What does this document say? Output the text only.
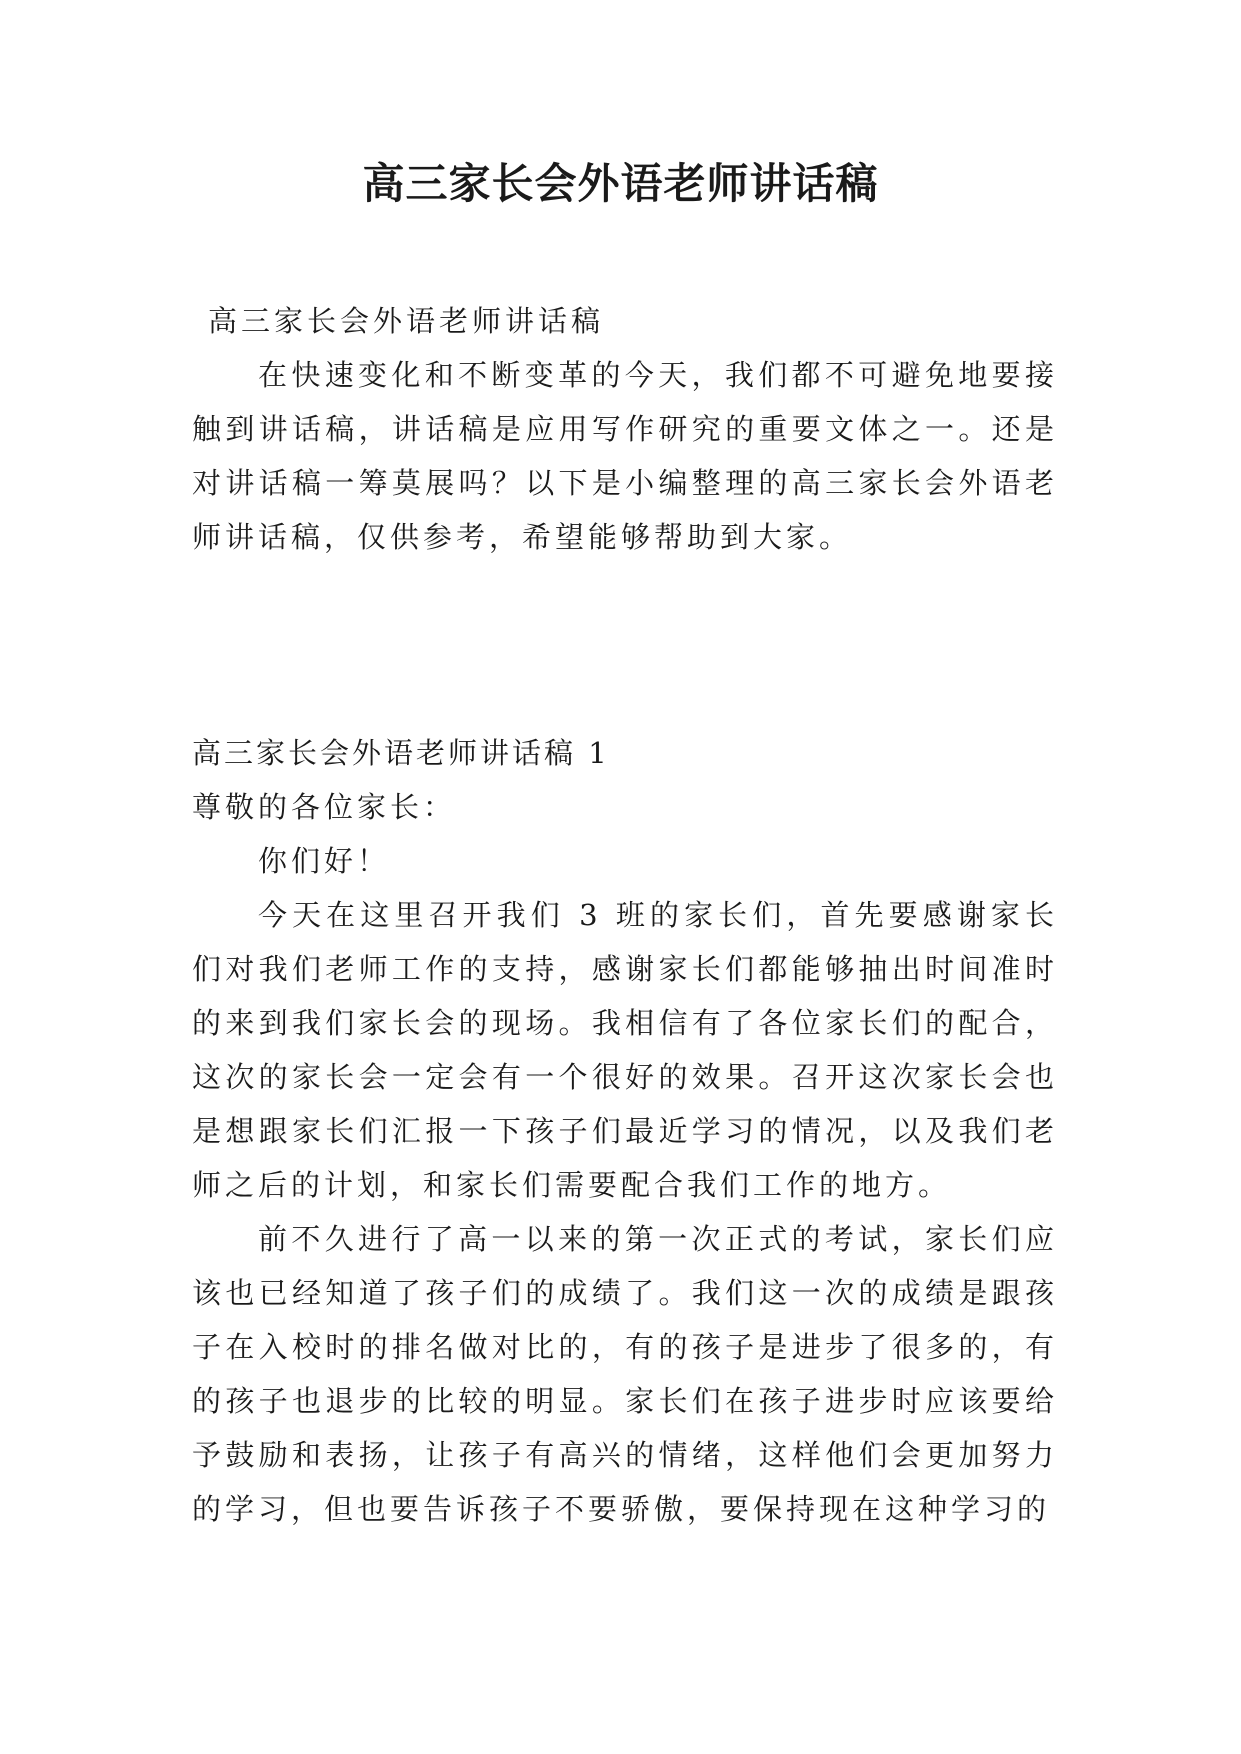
高三家长会外语老师讲话稿

高三家长会外语老师讲话稿

在快速变化和不断变革的今天，我们都不可避免地要接触到讲话稿，讲话稿是应用写作研究的重要文体之一。还是对讲话稿一筹莫展吗？以下是小编整理的高三家长会外语老师讲话稿，仅供参考，希望能够帮助到大家。

高三家长会外语老师讲话稿 1

尊敬的各位家长：

你们好！

今天在这里召开我们 3 班的家长们，首先要感谢家长们对我们老师工作的支持，感谢家长们都能够抽出时间准时的来到我们家长会的现场。我相信有了各位家长们的配合，这次的家长会一定会有一个很好的效果。召开这次家长会也是想跟家长们汇报一下孩子们最近学习的情况，以及我们老师之后的计划，和家长们需要配合我们工作的地方。

前不久进行了高一以来的第一次正式的考试，家长们应该也已经知道了孩子们的成绩了。我们这一次的成绩是跟孩子在入校时的排名做对比的，有的孩子是进步了很多的，有的孩子也退步的比较的明显。家长们在孩子进步时应该要给予鼓励和表扬，让孩子有高兴的情绪，这样他们会更加努力的学习，但也要告诉孩子不要骄傲，要保持现在这种学习的
